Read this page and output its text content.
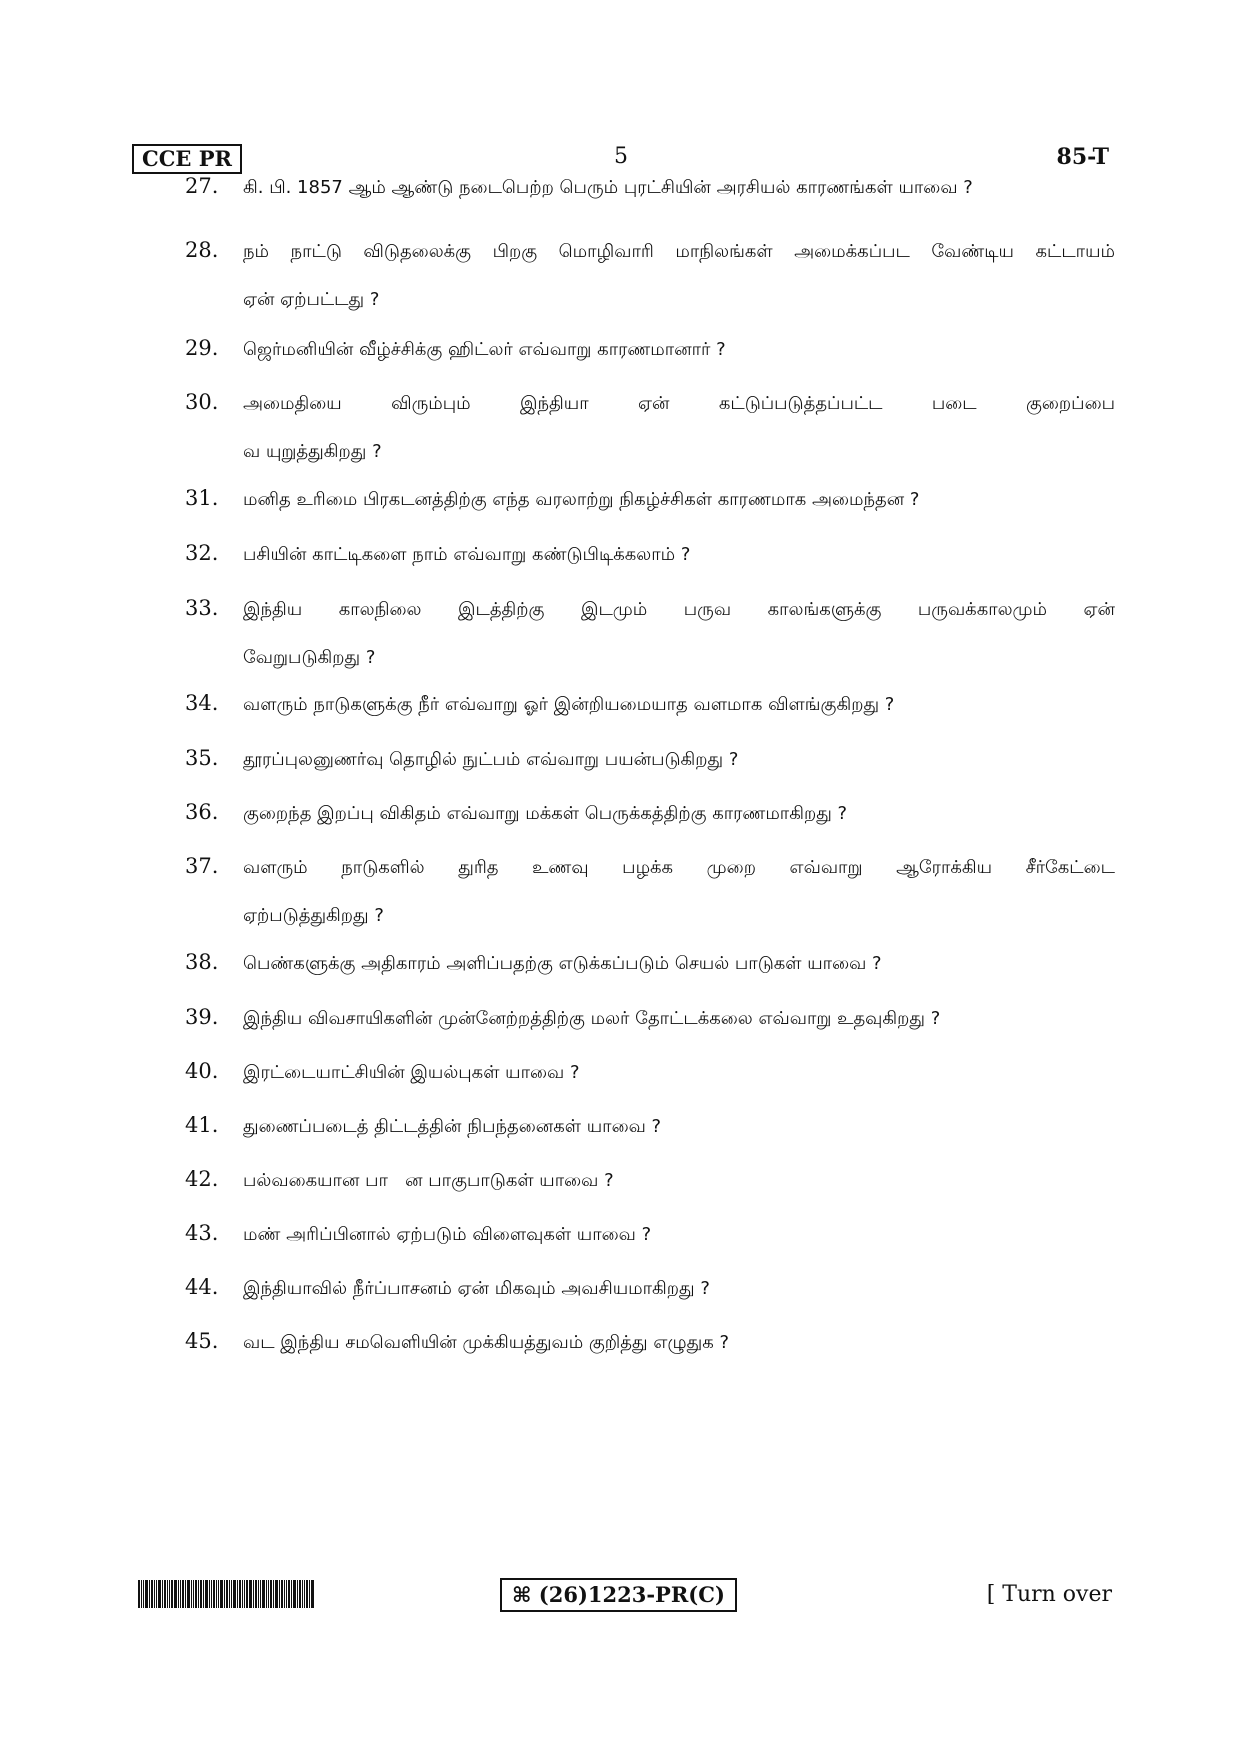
CCE PR	5	85-T
27. கி. பி. 1857 ஆம் ஆண்டு நடைபெற்ற பெரும் புரட்சியின் அரசியல் காரணங்கள் யாவை ?
28. நம் நாட்டு விடுதலைக்கு பிறகு மொழிவாரி மாநிலங்கள் அமைக்கப்பட வேண்டிய கட்டாயம்
ஏன் ஏற்பட்டது ?
29. ஜெர்மனியின் வீழ்ச்சிக்கு ஹிட்லர் எவ்வாறு காரணமானார் ?
30. அமைதியை விரும்பும் இந்தியா ஏன் கட்டுப்படுத்தப்பட்ட படை குறைப்பை
வ யுறுத்துகிறது ?
31. மனித உரிமை பிரகடனத்திற்கு எந்த வரலாற்று நிகழ்ச்சிகள் காரணமாக அமைந்தன ?
32. பசியின் காட்டிகளை நாம் எவ்வாறு கண்டுபிடிக்கலாம் ?
33. இந்திய காலநிலை இடத்திற்கு இடமும் பருவ காலங்களுக்கு பருவக்காலமும் ஏன்
வேறுபடுகிறது ?
34. வளரும் நாடுகளுக்கு நீர் எவ்வாறு ஓர் இன்றியமையாத வளமாக விளங்குகிறது ?
35. தூரப்புலனுணர்வு தொழில் நுட்பம் எவ்வாறு பயன்படுகிறது ?
36. குறைந்த இறப்பு விகிதம் எவ்வாறு மக்கள் பெருக்கத்திற்கு காரணமாகிறது ?
37. வளரும் நாடுகளில் துரித உணவு பழக்க முறை எவ்வாறு ஆரோக்கிய சீர்கேட்டை
ஏற்படுத்துகிறது ?
38. பெண்களுக்கு அதிகாரம் அளிப்பதற்கு எடுக்கப்படும் செயல் பாடுகள் யாவை ?
39. இந்திய விவசாயிகளின் முன்னேற்றத்திற்கு மலர் தோட்டக்கலை எவ்வாறு உதவுகிறது ?
40. இரட்டையாட்சியின் இயல்புகள் யாவை ?
41. துணைப்படைத் திட்டத்தின் நிபந்தனைகள் யாவை ?
42. பல்வகையான பா   ன பாகுபாடுகள் யாவை ?
43. மண் அரிப்பினால் ஏற்படும் விளைவுகள் யாவை ?
44. இந்தியாவில் நீர்ப்பாசனம் ஏன் மிகவும் அவசியமாகிறது ?
45. வட இந்திய சமவெளியின் முக்கியத்துவம் குறித்து எழுதுக ?
⌘ (26)1223-PR(C)	[ Turn over
